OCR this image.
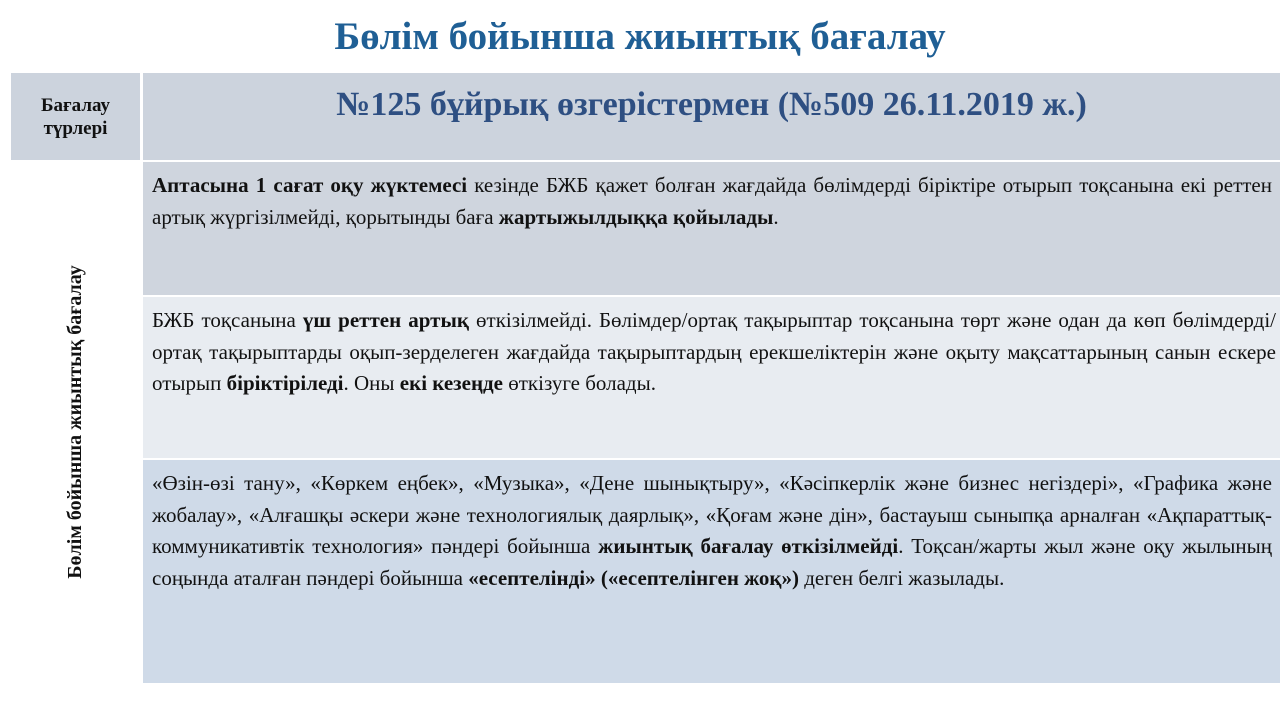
Бөлім бойынша жиынтық бағалау
Бағалау
түрлері
№125 бұйрық өзгерістермен (№509 26.11.2019 ж.)
Бөлім бойынша жиынтық бағалау
Аптасына 1 сағат оқу жүктемесі кезінде БЖБ қажет болған жағдайда бөлімдерді біріктіре отырып тоқсанына екі реттен артық жүргізілмейді, қорытынды баға жартыжылдыққа қойылады.
БЖБ тоқсанына үш реттен артық өткізілмейді. Бөлімдер/ортақ тақырыптар тоқсанына төрт және одан да көп бөлімдерді/ортақ тақырыптарды оқып-зерделеген жағдайда тақырыптардың ерекшеліктерін және оқыту мақсаттарының санын ескере отырып біріктіріледі. Оны екі кезеңде өткізуге болады.
«Өзін-өзі тану», «Көркем еңбек», «Музыка», «Дене шынықтыру», «Кәсіпкерлік және бизнес негіздері», «Графика және жобалау», «Алғашқы әскери және технологиялық даярлық», «Қоғам және дін», бастауыш сыныпқа арналған «Ақпараттық-коммуникативтік технология» пәндері бойынша жиынтық бағалау өткізілмейді. Тоқсан/жарты жыл және оқу жылының соңында аталған пәндері бойынша «есептелінді» («есептелінген жоқ») деген белгі жазылады.
